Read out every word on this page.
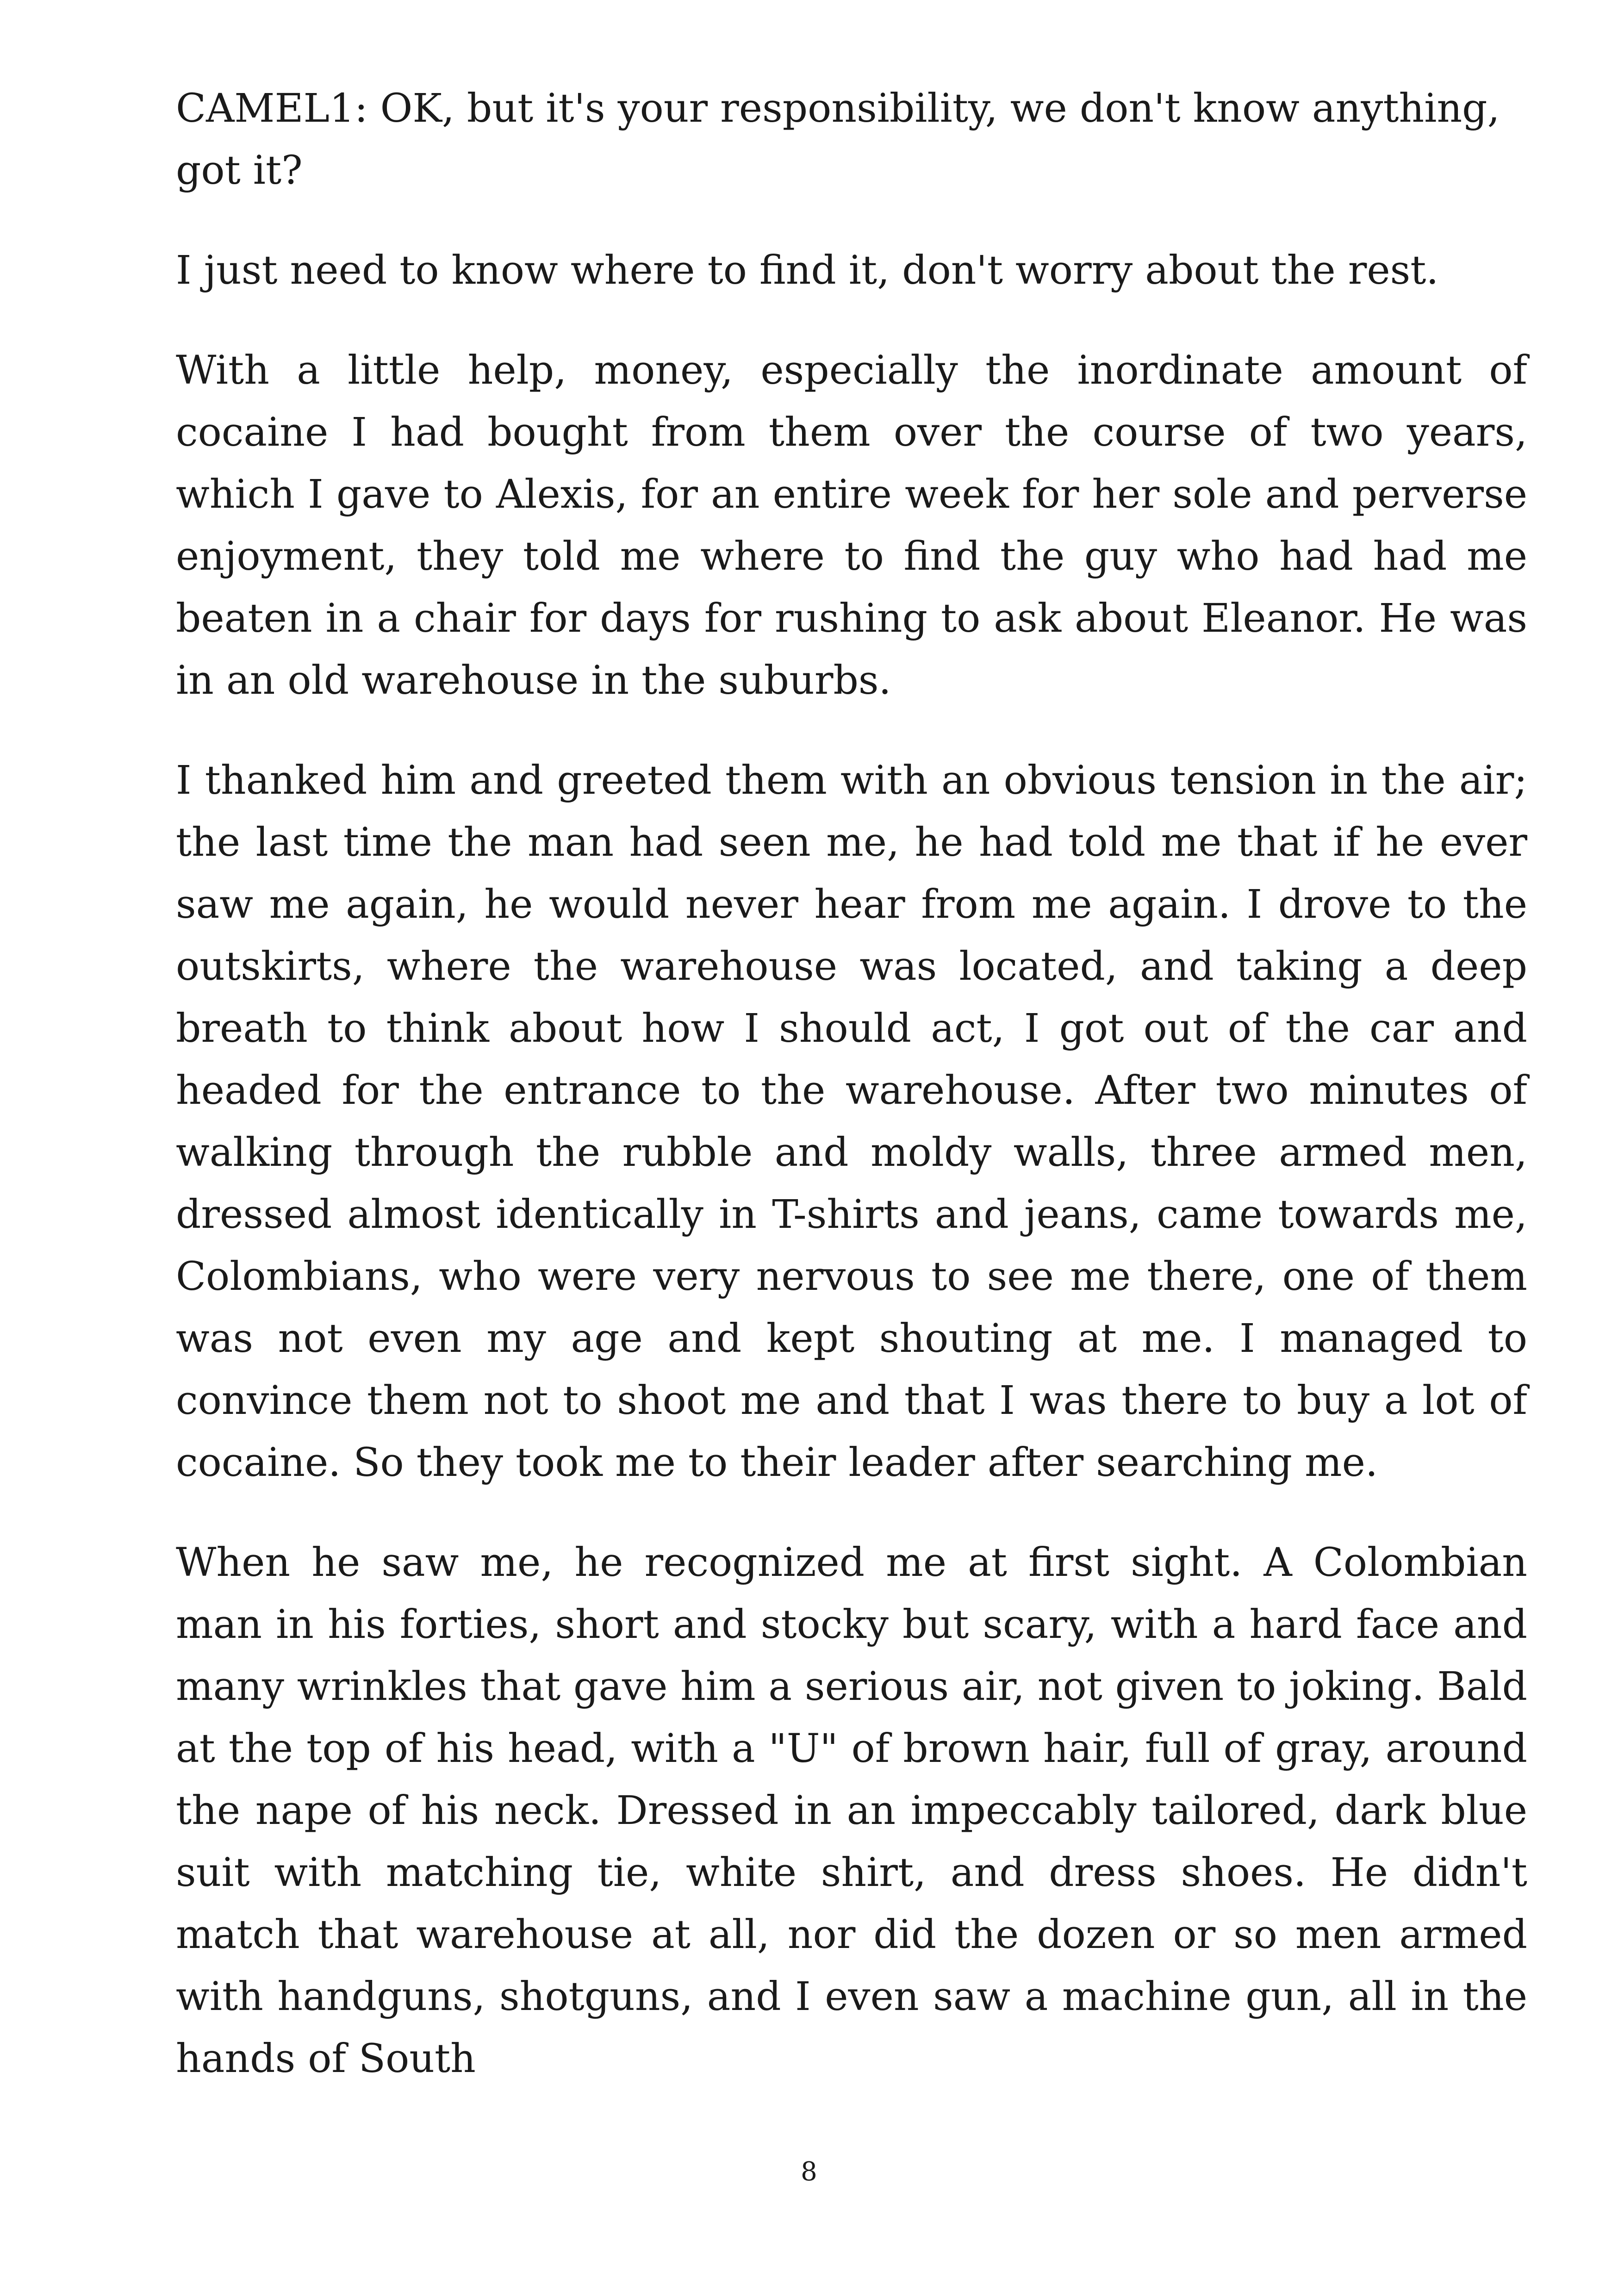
CAMEL1: OK, but it's your responsibility, we don't know anything, got it?

I just need to know where to find it, don't worry about the rest.

With a little help, money, especially the inordinate amount of cocaine I had bought from them over the course of two years, which I gave to Alexis, for an entire week for her sole and perverse enjoyment, they told me where to find the guy who had had me beaten in a chair for days for rushing to ask about Eleanor. He was in an old warehouse in the suburbs.

I thanked him and greeted them with an obvious tension in the air; the last time the man had seen me, he had told me that if he ever saw me again, he would never hear from me again. I drove to the outskirts, where the warehouse was located, and taking a deep breath to think about how I should act, I got out of the car and headed for the entrance to the warehouse. After two minutes of walking through the rubble and moldy walls, three armed men, dressed almost identically in T-shirts and jeans, came towards me, Colombians, who were very nervous to see me there, one of them was not even my age and kept shouting at me. I managed to convince them not to shoot me and that I was there to buy a lot of cocaine. So they took me to their leader after searching me.

When he saw me, he recognized me at first sight. A Colombian man in his forties, short and stocky but scary, with a hard face and many wrinkles that gave him a serious air, not given to joking. Bald at the top of his head, with a "U" of brown hair, full of gray, around the nape of his neck. Dressed in an impeccably tailored, dark blue suit with matching tie, white shirt, and dress shoes. He didn't match that warehouse at all, nor did the dozen or so men armed with handguns, shotguns, and I even saw a machine gun, all in the hands of South

8
